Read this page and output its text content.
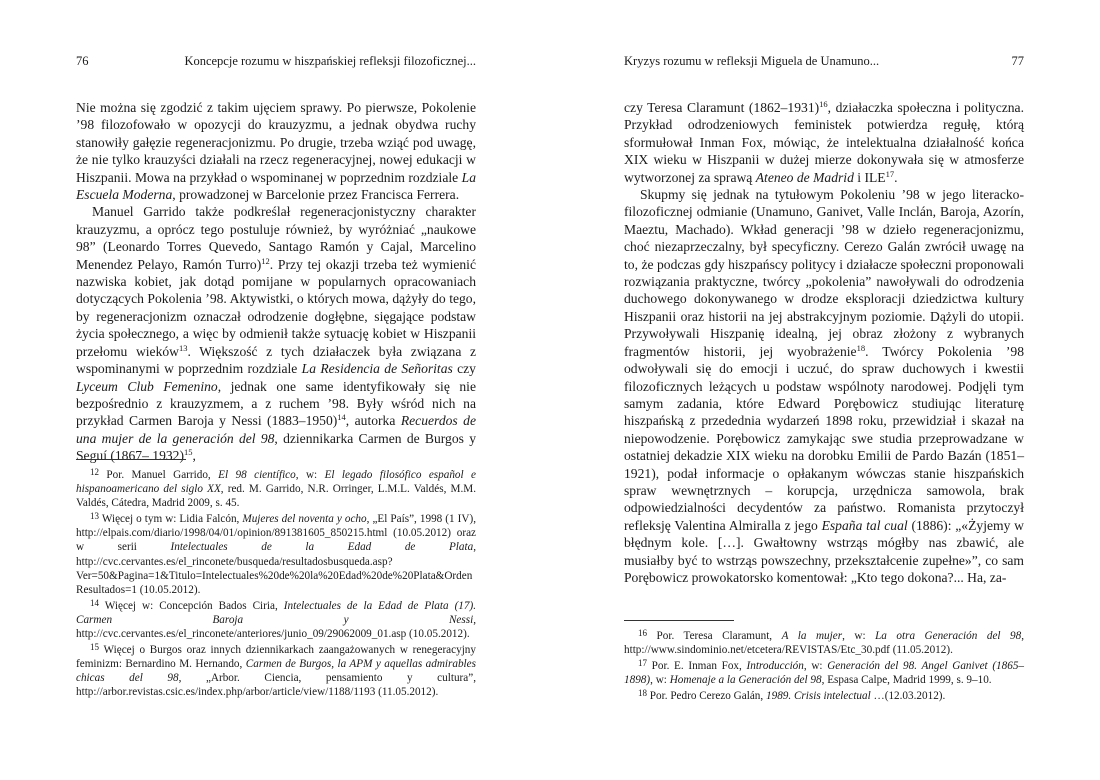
76	Koncepcje rozumu w hiszpańskiej refleksji filozoficznej...

Nie można się zgodzić z takim ujęciem sprawy. Po pierwsze, Pokolenie ’98 filozofowało w opozycji do krauzyzmu, a jednak obydwa ruchy stanowiły gałęzie regeneracjonizmu. Po drugie, trzeba wziąć pod uwagę, że nie tylko krauzyści działali na rzecz regeneracyjnej, nowej edukacji w Hiszpanii. Mowa na przykład o wspominanej w poprzednim rozdziale La Escuela Moderna, prowadzonej w Barcelonie przez Francisca Ferrera.

Manuel Garrido także podkreślał regeneracjonistyczny charakter krauzyzmu, a oprócz tego postuluje również, by wyróżniać „naukowe 98” (Leonardo Torres Quevedo, Santago Ramón y Cajal, Marcelino Menendez Pelayo, Ramón Turro)$^{12}$. Przy tej okazji trzeba też wymienić nazwiska kobiet, jak dotąd pomijane w popularnych opracowaniach dotyczących Pokolenia ’98. Aktywistki, o których mowa, dążyły do tego, by regeneracjonizm oznaczał odrodzenie dogłębne, sięgające podstaw życia społecznego, a więc by odmienił także sytuację kobiet w Hiszpanii przełomu wieków$^{13}$. Większość z tych działaczek była związana z wspominanymi w poprzednim rozdziale La Residencia de Señoritas czy Lyceum Club Femenino, jednak one same identyfikowały się nie bezpośrednio z krauzyzmem, a z ruchem ’98. Były wśród nich na przykład Carmen Baroja y Nessi (1883–1950)$^{14}$, autorka Recuerdos de una mujer de la generación del 98, dziennikarka Carmen de Burgos y Seguí (1867– 1932)$^{15}$,

$^{12}$ Por. Manuel Garrido, El 98 científico, w: El legado filosófico español e hispanoamericano del siglo XX, red. M. Garrido, N.R. Orringer, L.M.L. Valdés, M.M. Valdés, Cátedra, Madrid 2009, s. 45.
$^{13}$ Więcej o tym w: Lidia Falcón, Mujeres del noventa y ocho, „El País”, 1998 (1 IV), http://elpais.com/diario/1998/04/01/opinion/891381605_850215.html (10.05.2012) oraz w serii Intelectuales de la Edad de Plata, http://cvc.cervantes.es/el_rinconete/busqueda/resultadosbusqueda.asp?Ver=50&Pagina=1&Titulo=Intelectuales%20de%20la%20Edad%20de%20Plata&OrdenResultados=1 (10.05.2012).
$^{14}$ Więcej w: Concepción Bados Ciria, Intelectuales de la Edad de Plata (17). Carmen Baroja y Nessi, http://cvc.cervantes.es/el_rinconete/anteriores/junio_09/29062009_01.asp (10.05.2012).
$^{15}$ Więcej o Burgos oraz innych dziennikarkach zaangażowanych w renegeracyjny feminizm: Bernardino M. Hernando, Carmen de Burgos, la APM y aquellas admirables chicas del 98, „Arbor. Ciencia, pensamiento y cultura”, http://arbor.revistas.csic.es/index.php/arbor/article/view/1188/1193 (11.05.2012).
Kryzys rozumu w refleksji Miguela de Unamuno...	77

czy Teresa Claramunt (1862–1931)$^{16}$, działaczka społeczna i polityczna. Przykład odrodzeniowych feministek potwierdza regułę, którą sformułował Inman Fox, mówiąc, że intelektualna działalność końca XIX wieku w Hiszpanii w dużej mierze dokonywała się w atmosferze wytworzonej za sprawą Ateneo de Madrid i ILE$^{17}$.

Skupmy się jednak na tytułowym Pokoleniu ’98 w jego literacko-filozoficznej odmianie (Unamuno, Ganivet, Valle Inclán, Baroja, Azorín, Maeztu, Machado). Wkład generacji ’98 w dzieło regeneracjonizmu, choć niezaprzeczalny, był specyficzny. Cerezo Galán zwrócił uwagę na to, że podczas gdy hiszpańscy politycy i działacze społeczni proponowali rozwiązania praktyczne, twórcy „pokolenia” nawoływali do odrodzenia duchowego dokonywanego w drodze eksploracji dziedzictwa kultury Hiszpanii oraz historii na jej abstrakcyjnym poziomie. Dążyli do utopii. Przywoływali Hiszpanię idealną, jej obraz złożony z wybranych fragmentów historii, jej wyobrażenie$^{18}$. Twórcy Pokolenia ’98 odwoływali się do emocji i uczuć, do spraw duchowych i kwestii filozoficznych leżących u podstaw wspólnoty narodowej. Podjęli tym samym zadania, które Edward Porębowicz studiując literaturę hiszpańską z przedednia wydarzeń 1898 roku, przewidział i skazał na niepowodzenie. Porębowicz zamykając swe studia przeprowadzane w ostatniej dekadzie XIX wieku na dorobku Emilii de Pardo Bazán (1851–1921), podał informacje o opłakanym wówczas stanie hiszpańskich spraw wewnętrznych – korupcja, urzędnicza samowola, brak odpowiedzialności decydentów za państwo. Romanista przytoczył refleksję Valentina Almiralla z jego España tal cual (1886): „«Żyjemy w błędnym kole. […]. Gwałtowny wstrząs mógłby nas zbawić, ale musiałby być to wstrząs powszechny, przekształcenie zupełne»”, co sam Porębowicz prowokatorsko komentował: „Kto tego dokona?... Ha, za-

$^{16}$ Por. Teresa Claramunt, A la mujer, w: La otra Generación del 98, http://www.sindominio.net/etcetera/REVISTAS/Etc_30.pdf (11.05.2012).
$^{17}$ Por. E. Inman Fox, Introducción, w: Generación del 98. Angel Ganivet (1865–1898), w: Homenaje a la Generación del 98, Espasa Calpe, Madrid 1999, s. 9–10.
$^{18}$ Por. Pedro Cerezo Galán, 1989. Crisis intelectual …(12.03.2012).
